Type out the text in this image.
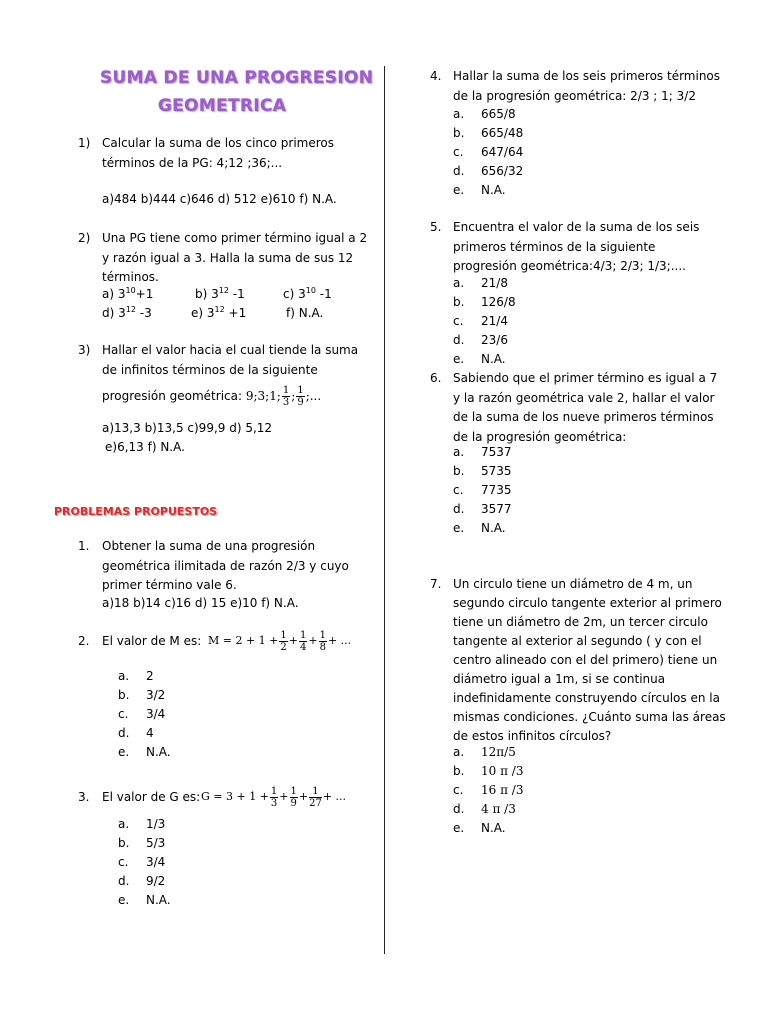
SUMA DE UNA PROGRESION
GEOMETRICA
1) Calcular la suma de los cinco primeros
términos de la PG: 4;12 ;36;...
a)484 b)444 c)646 d) 512 e)610 f) N.A.
2) Una PG tiene como primer término igual a 2
y razón igual a 3. Halla la suma de sus 12
términos.
a) $3^{10}+1$	b) $3^{12}$ -1	c) $3^{10}$ -1
d) $3^{12}$ -3	e) $3^{12} +1$	f) N.A.
3) Hallar el valor hacia el cual tiende la suma
de infinitos términos de la siguiente
progresión geométrica: 9;3;1; $\frac{1}{3}$ ; $\frac{1}{9}$ ;...
a)13,3 b)13,5 c)99,9 d) 5,12
e)6,13 f) N.A.
PROBLEMAS PROPUESTOS
1. Obtener la suma de una progresión
geométrica ilimitada de razón 2/3 y cuyo
primer término vale 6.
a)18 b)14 c)16 d) 15 e)10 f) N.A.
2. El valor de M es: $M = 2 + 1 + \frac{1}{2} + \frac{1}{4} + \frac{1}{8}$ + ...
a. 2
b. 3/2
c. 3/4
d. 4
e. N.A.
3. El valor de G es: $G = 3 + 1 + \frac{1}{3} + \frac{1}{9} + \frac{1}{27}$ + ...
a. 1/3
b. 5/3
c. 3/4
d. 9/2
e. N.A.
4. Hallar la suma de los seis primeros términos
de la progresión geométrica: 2/3 ; 1; 3/2
a. 665/8
b. 665/48
c. 647/64
d. 656/32
e. N.A.
5. Encuentra el valor de la suma de los seis
primeros términos de la siguiente
progresión geométrica:4/3; 2/3; 1/3;....
a. 21/8
b. 126/8
c. 21/4
d. 23/6
e. N.A.
6. Sabiendo que el primer término es igual a 7
y la razón geométrica vale 2, hallar el valor
de la suma de los nueve primeros términos
de la progresión geométrica:
a. 7537
b. 5735
c. 7735
d. 3577
e. N.A.
7. Un circulo tiene un diámetro de 4 m, un
segundo circulo tangente exterior al primero
tiene un diámetro de 2m, un tercer circulo
tangente al exterior al segundo ( y con el
centro alineado con el del primero) tiene un
diámetro igual a 1m, si se continua
indefinidamente construyendo círculos en la
mismas condiciones. ¿Cuánto suma las áreas
de estos infinitos círculos?
a. 12π/5
b. 10 π /3
c. 16 π /3
d. 4 π /3
e. N.A.
